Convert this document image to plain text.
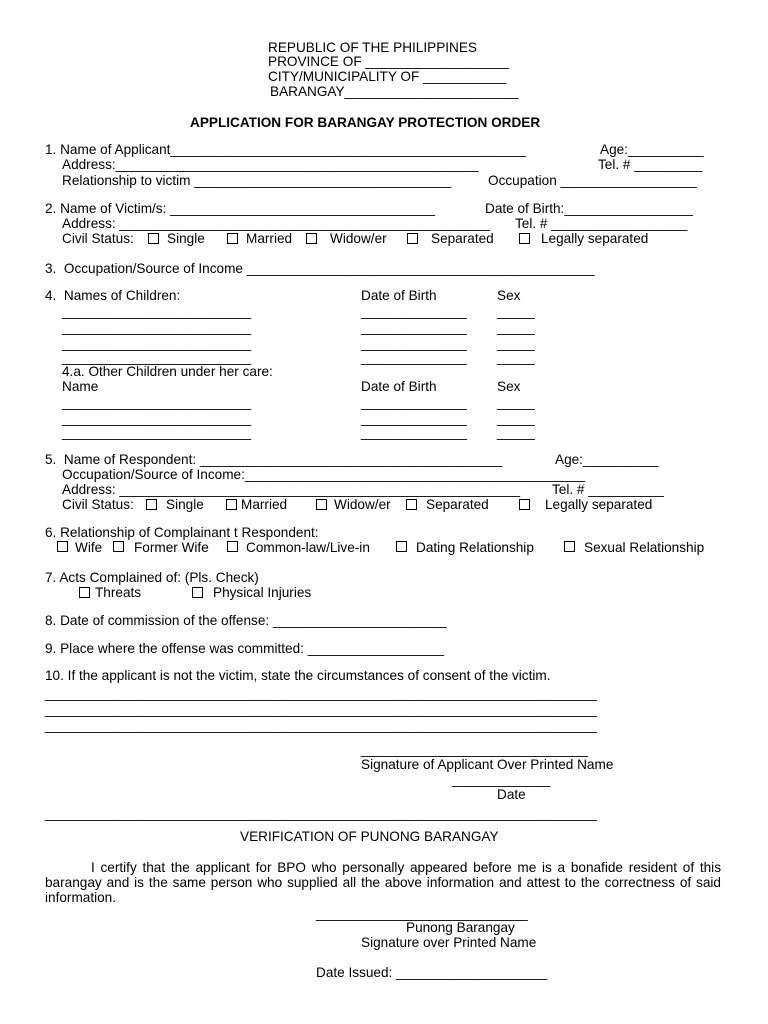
REPUBLIC OF THE PHILIPPINES
PROVINCE OF ___________________
CITY/MUNICIPALITY OF ___________
BARANGAY_______________________
APPLICATION FOR BARANGAY PROTECTION ORDER
1. Name of Applicant_______________________________________________	Age:__________
Address:________________________________________________	Tel. # _________
Relationship to victim __________________________________	Occupation __________________
2. Name of Victim/s: ___________________________________	Date of Birth:_________________
Address: _________________________________________________ Tel. # __________________
Civil Status: Single	Married	Widow/er	Separated	Legally separated
3.  Occupation/Source of Income ______________________________________________
4.  Names of Children:	Date of Birth	Sex
_________________________	______________ _____
_________________________	______________ _____
_________________________	______________ _____
_________________________	______________ _____
4.a. Other Children under her care:
Name	Date of Birth	Sex
_________________________	______________ _____
_________________________	______________ _____
_________________________	______________ _____
5.  Name of Respondent: ________________________________________	Age:__________
Occupation/Source of Income:_____________________________________________
Address: _____________________________________________________ Tel. # __________
Civil Status: Single	Married	Widow/er	Separated	Legally separated
6. Relationship of Complainant t Respondent:
Wife Former Wife	Common-law/Live-in	Dating Relationship	Sexual Relationship
7. Acts Complained of: (Pls. Check)
Threats	Physical Injuries
8. Date of commission of the offense: _______________________
9. Place where the offense was committed: __________________
10. If the applicant is not the victim, state the circumstances of consent of the victim.
_________________________________________________________________________
_________________________________________________________________________
_________________________________________________________________________
______________________________
Signature of Applicant Over Printed Name
_____________
Date
_________________________________________________________________________
VERIFICATION OF PUNONG BARANGAY
I certify that the applicant for BPO who personally appeared before me is a bonafide resident of this barangay and is the same person who supplied all the above information and attest to the correctness of said information.
____________________________
Punong Barangay
Signature over Printed Name
Date Issued: ____________________
